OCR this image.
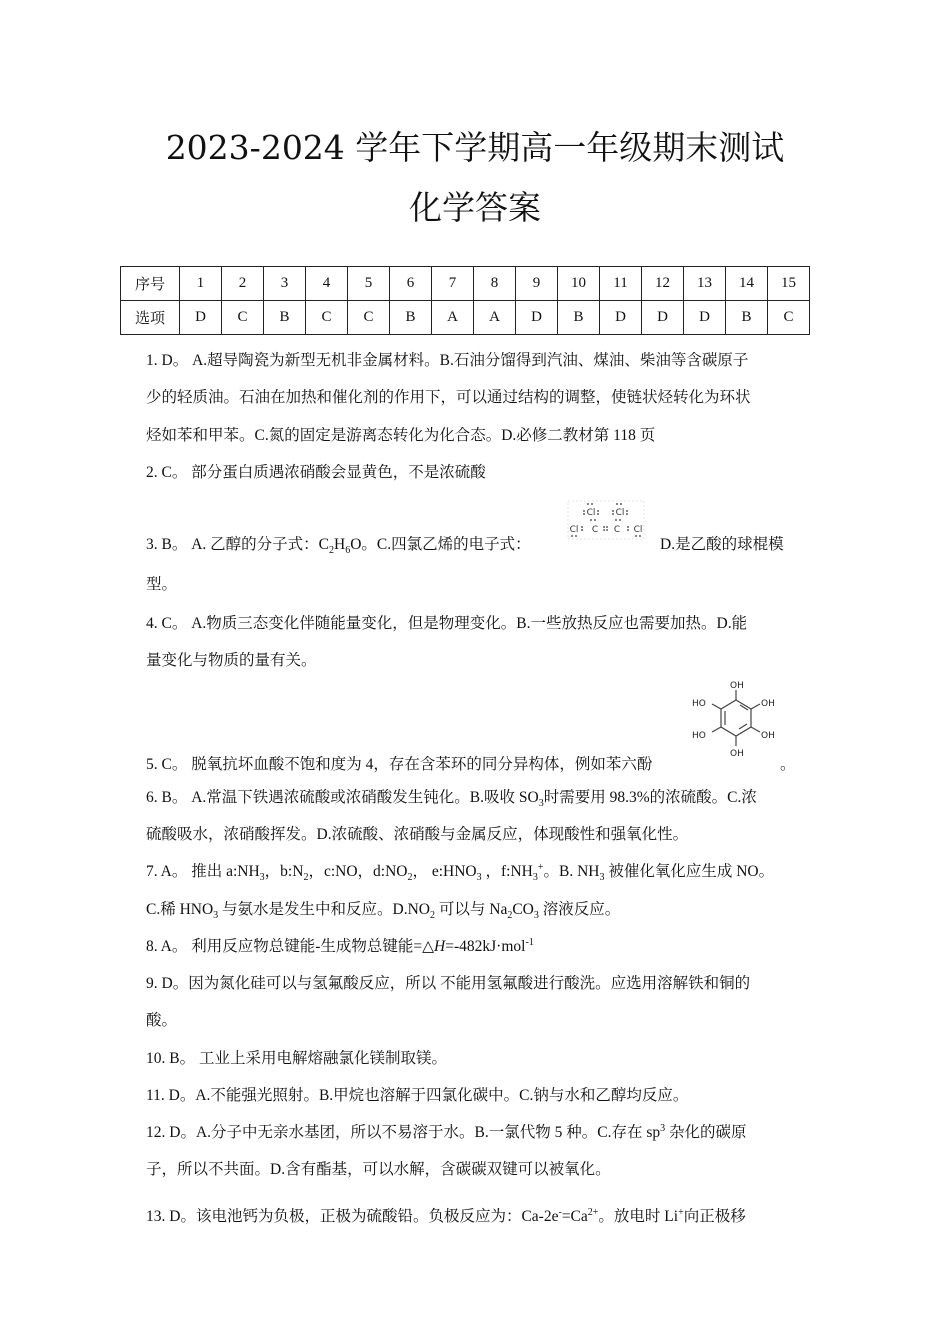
2023-2024 学年下学期高一年级期末测试
化学答案
序号	1	2	3	4	5	6	7	8	9	10	11	12	13	14	15
选项	D	C	B	C	C	B	A	A	D	B	D	D	D	B	C
1. D。 A.超导陶瓷为新型无机非金属材料。B.石油分馏得到汽油、煤油、柴油等含碳原子
少的轻质油。石油在加热和催化剂的作用下，可以通过结构的调整，使链状烃转化为环状
烃如苯和甲苯。C.氮的固定是游离态转化为化合态。D.必修二教材第 118 页
2. C。 部分蛋白质遇浓硝酸会显黄色，不是浓硫酸
3. B。 A. 乙醇的分子式：$C_2H_6O$。C.四氯乙烯的电子式：
Cl Cl
Cl C C Cl
D.是乙酸的球棍模
型。
4. C。 A.物质三态变化伴随能量变化，但是物理变化。B.一些放热反应也需要加热。D.能
量变化与物质的量有关。
OH
OH
OH
OH
HO
HO
5. C。 脱氧抗坏血酸不饱和度为 4，存在含苯环的同分异构体，例如苯六酚	。
6. B。 A.常温下铁遇浓硫酸或浓硝酸发生钝化。B.吸收 $SO_3$时需要用 98.3%的浓硫酸。C.浓
硫酸吸水，浓硝酸挥发。D.浓硫酸、浓硝酸与金属反应，体现酸性和强氧化性。
7. A。 推出 $a:NH_3$，$b:N_2$，c:NO，$d:NO_2$， $e:HNO_3$ ，$f:NH_3^+$。B. $NH_3$ 被催化氧化应生成 NO。
C.稀 $HNO_3$ 与氨水是发生中和反应。$D.NO_2$ 可以与 $Na_2CO_3$ 溶液反应。
8. A。 利用反应物总键能-生成物总键能=△H=-482kJ·mol$^{-1}$
9. D。因为氮化硅可以与氢氟酸反应，所以 不能用氢氟酸进行酸洗。应选用溶解铁和铜的
酸。
10. B。 工业上采用电解熔融氯化镁制取镁。
11. D。A.不能强光照射。B.甲烷也溶解于四氯化碳中。C.钠与水和乙醇均反应。
12. D。A.分子中无亲水基团，所以不易溶于水。B.一氯代物 5 种。C.存在 $sp^3$ 杂化的碳原
子，所以不共面。D.含有酯基，可以水解，含碳碳双键可以被氧化。
13. D。该电池钙为负极，正极为硫酸铅。负极反应为：$Ca-2e^-=Ca^{2+}$。放电时 Li+向正极移
